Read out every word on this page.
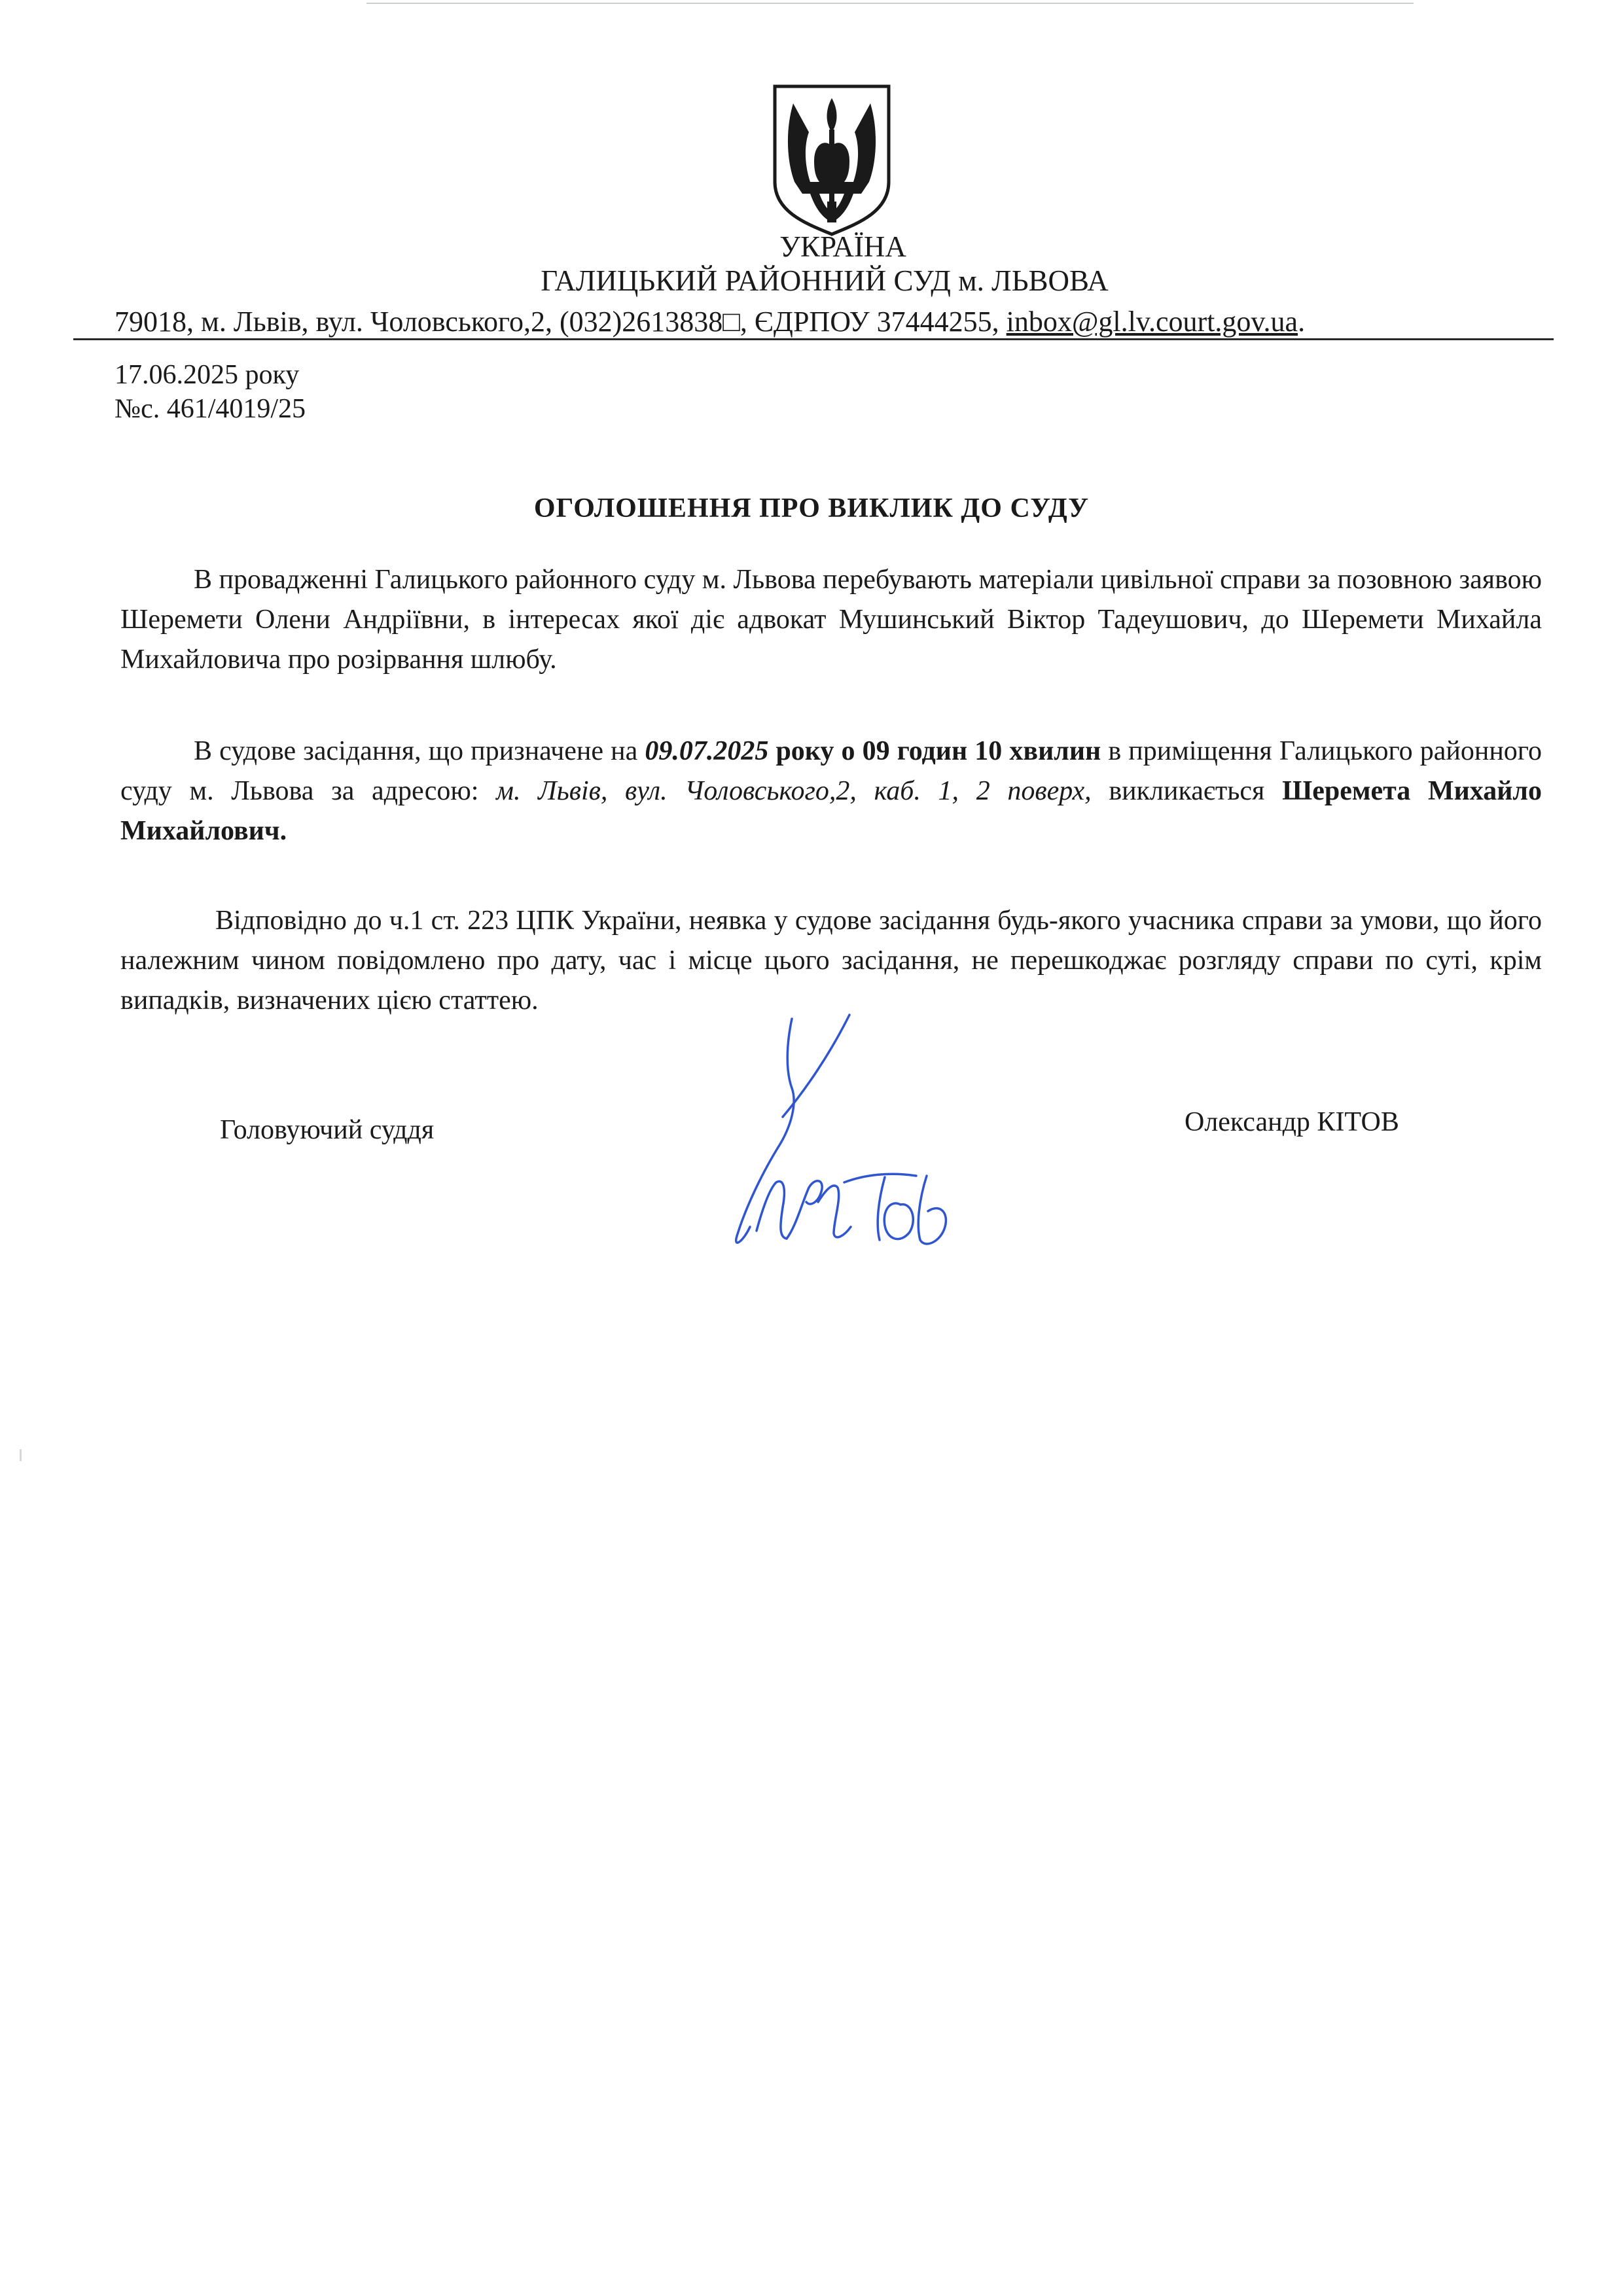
УКРАЇНА
ГАЛИЦЬКИЙ РАЙОННИЙ СУД м. ЛЬВОВА
79018, м. Львів, вул. Чоловського,2, (032)2613838□, ЄДРПОУ 37444255, inbox@gl.lv.court.gov.ua.
17.06.2025 року
№с. 461/4019/25
ОГОЛОШЕННЯ ПРО ВИКЛИК ДО СУДУ

В провадженні Галицького районного суду м. Львова перебувають матеріали цивільної справи за позовною заявою Шеремети Олени Андріївни, в інтересах якої діє адвокат Мушинський Віктор Тадеушович, до Шеремети Михайла Михайловича про розірвання шлюбу.

В судове засідання, що призначене на 09.07.2025 року о 09 годин 10 хвилин в приміщення Галицького районного суду м. Львова за адресою: м. Львів, вул. Чоловського,2, каб. 1, 2 поверх, викликається Шеремета Михайло Михайлович.

Відповідно до ч.1 ст. 223 ЦПК України, неявка у судове засідання будь-якого учасника справи за умови, що його належним чином повідомлено про дату, час і місце цього засідання, не перешкоджає розгляду справи по суті, крім випадків, визначених цією статтею.

Головуючий суддя	Олександр КІТОВ
